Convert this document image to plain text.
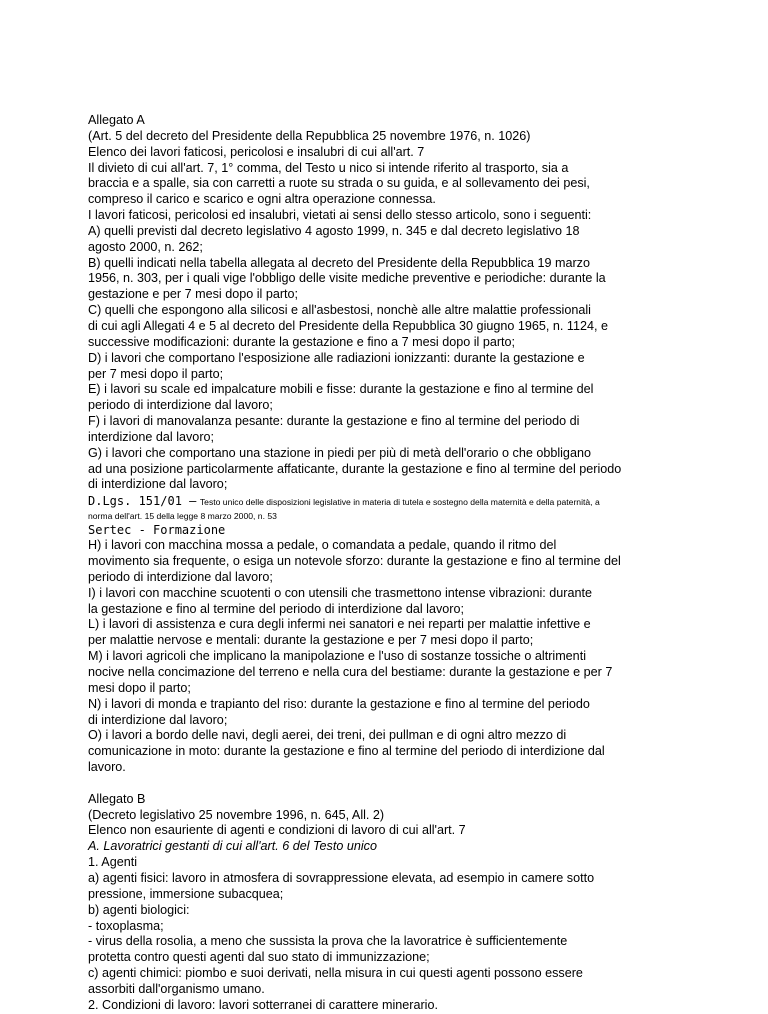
Allegato A
(Art. 5 del decreto del Presidente della Repubblica 25 novembre 1976, n. 1026)
Elenco dei lavori faticosi, pericolosi e insalubri di cui all'art. 7
Il divieto di cui all'art. 7, 1° comma, del Testo u nico si intende riferito al trasporto, sia a
braccia e a spalle, sia con carretti a ruote su strada o su guida, e al sollevamento dei pesi,
compreso il carico e scarico e ogni altra operazione connessa.
I lavori faticosi, pericolosi ed insalubri, vietati ai sensi dello stesso articolo, sono i seguenti:
A) quelli previsti dal decreto legislativo 4 agosto 1999, n. 345 e dal decreto legislativo 18
agosto 2000, n. 262;
B) quelli indicati nella tabella allegata al decreto del Presidente della Repubblica 19 marzo
1956, n. 303, per i quali vige l'obbligo delle visite mediche preventive e periodiche: durante la
gestazione e per 7 mesi dopo il parto;
C) quelli che espongono alla silicosi e all'asbestosi, nonchè alle altre malattie professionali
di cui agli Allegati 4 e 5 al decreto del Presidente della Repubblica 30 giugno 1965, n. 1124, e
successive modificazioni: durante la gestazione e fino a 7 mesi dopo il parto;
D) i lavori che comportano l'esposizione alle radiazioni ionizzanti: durante la gestazione e
per 7 mesi dopo il parto;
E) i lavori su scale ed impalcature mobili e fisse: durante la gestazione e fino al termine del
periodo di interdizione dal lavoro;
F) i lavori di manovalanza pesante: durante la gestazione e fino al termine del periodo di
interdizione dal lavoro;
G) i lavori che comportano una stazione in piedi per più di metà dell'orario o che obbligano
ad una posizione particolarmente affaticante, durante la gestazione e fino al termine del periodo
di interdizione dal lavoro;
D.Lgs. 151/01 – Testo unico delle disposizioni legislative in materia di tutela e sostegno della maternità e della paternità, a
norma dell'art. 15 della legge 8 marzo 2000, n. 53
Sertec - Formazione
H) i lavori con macchina mossa a pedale, o comandata a pedale, quando il ritmo del
movimento sia frequente, o esiga un notevole sforzo: durante la gestazione e fino al termine del
periodo di interdizione dal lavoro;
I) i lavori con macchine scuotenti o con utensili che trasmettono intense vibrazioni: durante
la gestazione e fino al termine del periodo di interdizione dal lavoro;
L) i lavori di assistenza e cura degli infermi nei sanatori e nei reparti per malattie infettive e
per malattie nervose e mentali: durante la gestazione e per 7 mesi dopo il parto;
M) i lavori agricoli che implicano la manipolazione e l'uso di sostanze tossiche o altrimenti
nocive nella concimazione del terreno e nella cura del bestiame: durante la gestazione e per 7
mesi dopo il parto;
N) i lavori di monda e trapianto del riso: durante la gestazione e fino al termine del periodo
di interdizione dal lavoro;
O) i lavori a bordo delle navi, degli aerei, dei treni, dei pullman e di ogni altro mezzo di
comunicazione in moto: durante la gestazione e fino al termine del periodo di interdizione dal
lavoro.
Allegato B
(Decreto legislativo 25 novembre 1996, n. 645, All. 2)
Elenco non esauriente di agenti e condizioni di lavoro di cui all'art. 7
A. Lavoratrici gestanti di cui all'art. 6 del Testo unico
1. Agenti
a) agenti fisici: lavoro in atmosfera di sovrappressione elevata, ad esempio in camere sotto
pressione, immersione subacquea;
b) agenti biologici:
- toxoplasma;
- virus della rosolia, a meno che sussista la prova che la lavoratrice è sufficientemente
protetta contro questi agenti dal suo stato di immunizzazione;
c) agenti chimici: piombo e suoi derivati, nella misura in cui questi agenti possono essere
assorbiti dall'organismo umano.
2. Condizioni di lavoro: lavori sotterranei di carattere minerario.
